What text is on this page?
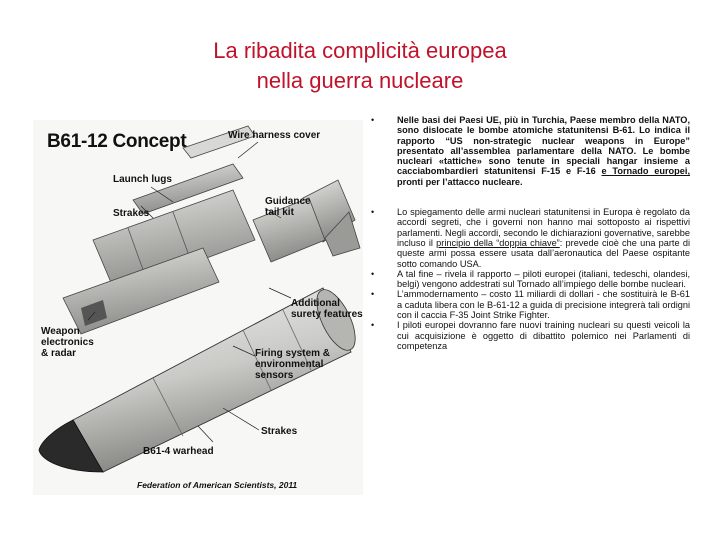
La ribadita complicità europea
nella guerra nucleare
B61-12 Concept	Wire harness cover
Launch lugs
Strakes
Guidance
tail kit
Additional
surety features
Weapon
electronics
& radar	Firing system &
environmental
sensors
Strakes
B61-4 warhead
Federation of American Scientists, 2011
• Nelle basi dei Paesi UE, più in Turchia, Paese membro della NATO, sono dislocate le bombe atomiche statunitensi B-61. Lo indica il rapporto “US non-strategic nuclear weapons in Europe” presentato all’assemblea parlamentare della NATO. Le bombe nucleari «tattiche» sono tenute in speciali hangar insieme a cacciabombardieri statunitensi F-15 e F-16 e Tornado europei, pronti per l’attacco nucleare.
• Lo spiegamento delle armi nucleari statunitensi in Europa è regolato da accordi segreti, che i governi non hanno mai sottoposto ai rispettivi parlamenti. Negli accordi, secondo le dichiarazioni governative, sarebbe incluso il principio della “doppia chiave”: prevede cioè che una parte di queste armi possa essere usata dall’aeronautica del Paese ospitante sotto comando USA.
• A tal fine – rivela il rapporto – piloti europei (italiani, tedeschi, olandesi, belgi) vengono addestrati sul Tornado all’impiego delle bombe nucleari.
• L’ammodernamento – costo 11 miliardi di dollari - che sostituirà le B-61 a caduta libera con le B-61-12 a guida di precisione integrerà tali ordigni con il caccia F-35 Joint Strike Fighter.
• I piloti europei dovranno fare nuovi training nucleari su questi veicoli la cui acquisizione è oggetto di dibattito polemico nei Parlamenti di competenza
